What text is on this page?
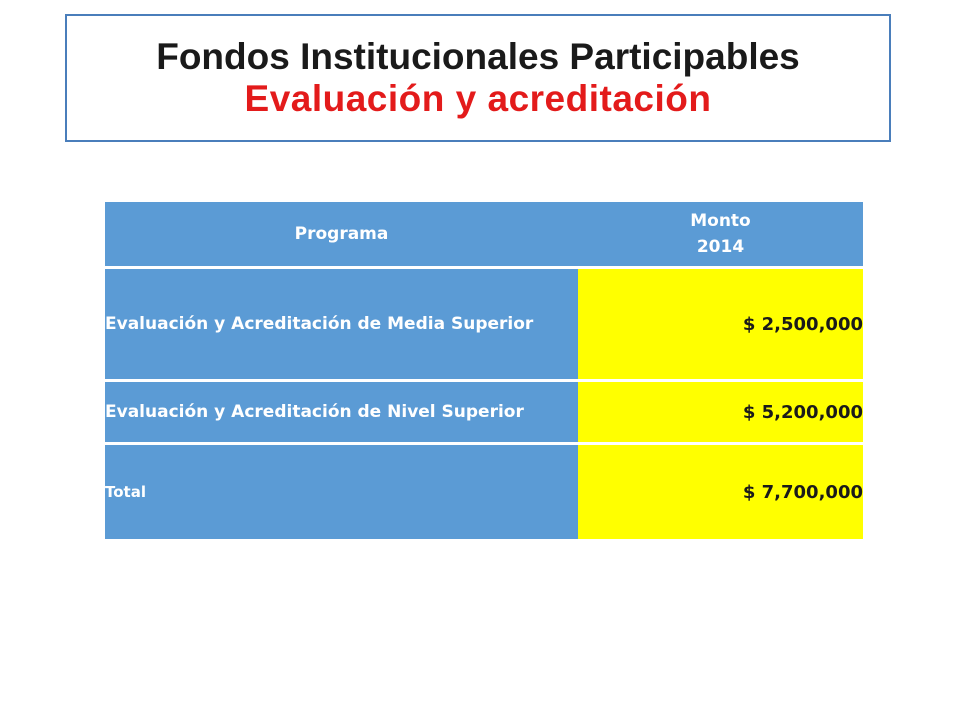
Fondos Institucionales Participables
Evaluación y acreditación
Programa	Monto
2014

Evaluación y Acreditación de Media Superior	$ 2,500,000

Evaluación y Acreditación de Nivel Superior	$ 5,200,000

Total	$ 7,700,000
